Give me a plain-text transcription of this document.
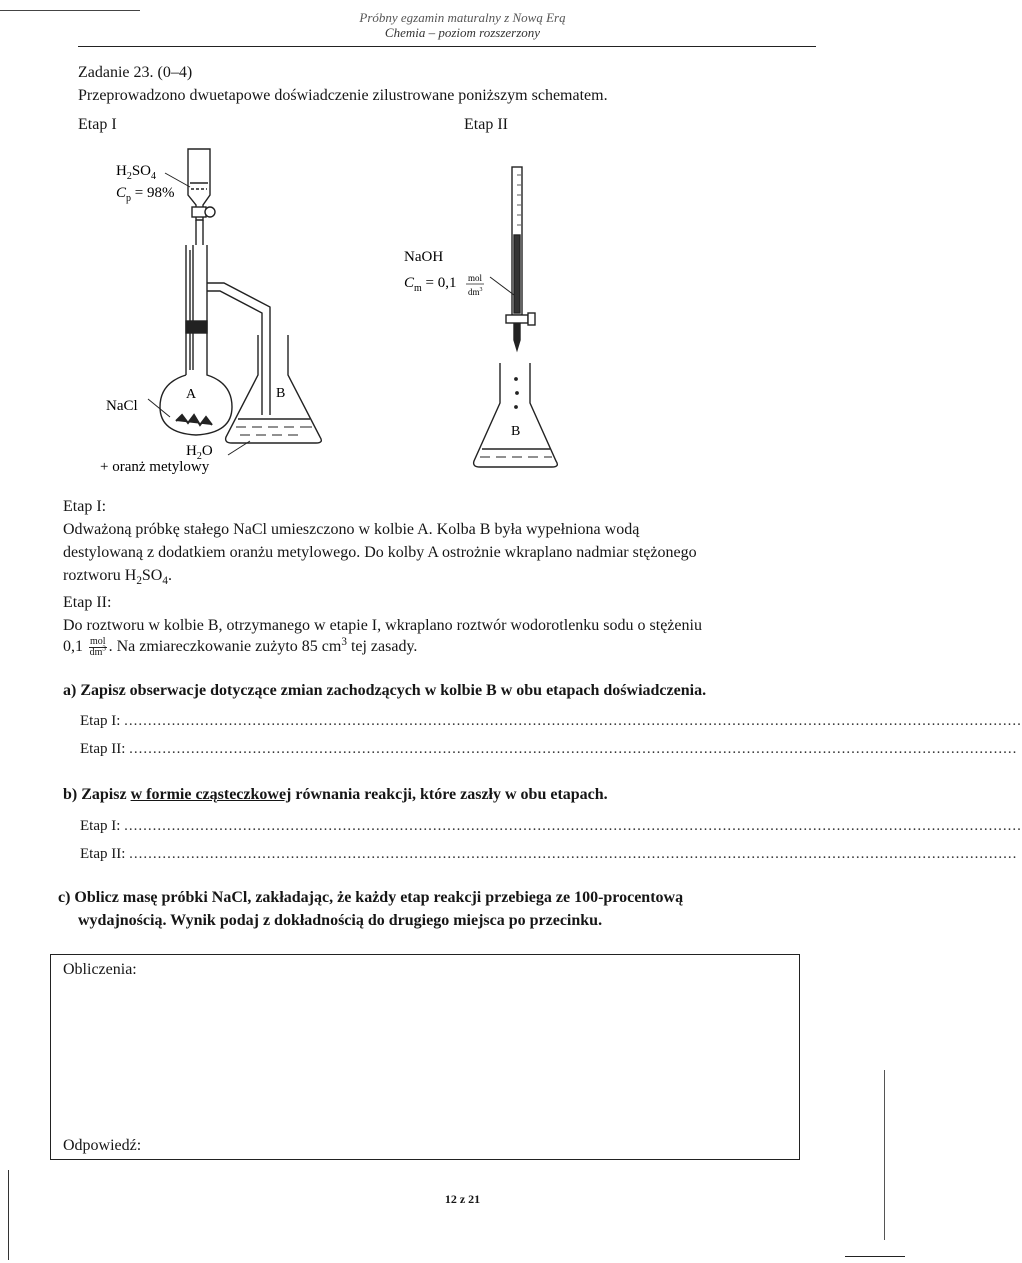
Próbny egzamin maturalny z Nową Erą
Chemia – poziom rozszerzony
Zadanie 23. (0–4)
Przeprowadzono dwuetapowe doświadczenie zilustrowane poniższym schematem.
Etap I	Etap II
$H_2SO_4$
$C_p = 98\%$
NaCl
A	B
$H_2O$
+ oranż metylowy
NaOH
$C_m = 0,1$ mol
$dm^3$
B
Etap I:
Odważoną próbkę stałego NaCl umieszczono w kolbie A. Kolba B była wypełniona wodą
destylowaną z dodatkiem oranżu metylowego. Do kolby A ostrożnie wkraplano nadmiar stężonego
roztworu $H_2SO_4$.
Etap II:
Do roztworu w kolbie B, otrzymanego w etapie I, wkraplano roztwór wodorotlenku sodu o stężeniu
$0,1 \frac{\text{mol}}{dm^3}$ . Na zmiareczkowanie zużyto 85 $cm^3$ tej zasady.
a) Zapisz obserwacje dotyczące zmian zachodzących w kolbie B w obu etapach doświadczenia.
Etap I: .............................................................................................................................................................................................
Etap II: ...........................................................................................................................................................................................
b) Zapisz w formie cząsteczkowej równania reakcji, które zaszły w obu etapach.
Etap I: .............................................................................................................................................................................................
Etap II: ...........................................................................................................................................................................................
c) Oblicz masę próbki NaCl, zakładając, że każdy etap reakcji przebiega ze 100-procentową
wydajnością. Wynik podaj z dokładnością do drugiego miejsca po przecinku.
Obliczenia:
Odpowiedź:
12 z 21
